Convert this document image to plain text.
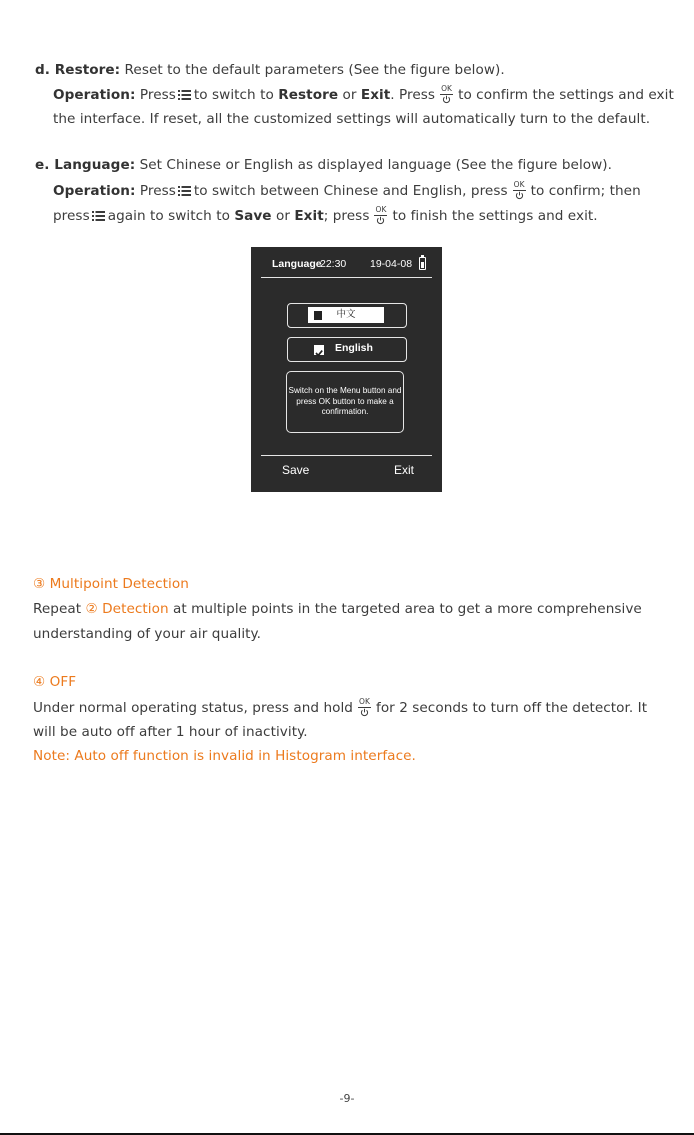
d. Restore: Reset to the default parameters (See the figure below).
Operation: Press to switch to Restore or Exit. Press OK to confirm the settings and exit
the interface. If reset, all the customized settings will automatically turn to the default.
e. Language: Set Chinese or English as displayed language (See the figure below).
Operation: Press to switch between Chinese and English, press OK to confirm; then
press again to switch to Save or Exit; press OK to finish the settings and exit.
Language
22:30 19-04-08
中文
English
Switch on the Menu button and press OK button to make a confirmation.
Save	Exit
③ Multipoint Detection
Repeat ② Detection at multiple points in the targeted area to get a more comprehensive
understanding of your air quality.
④ OFF
Under normal operating status, press and hold OK for 2 seconds to turn off the detector. It
will be auto off after 1 hour of inactivity.
Note: Auto off function is invalid in Histogram interface.
-9-
